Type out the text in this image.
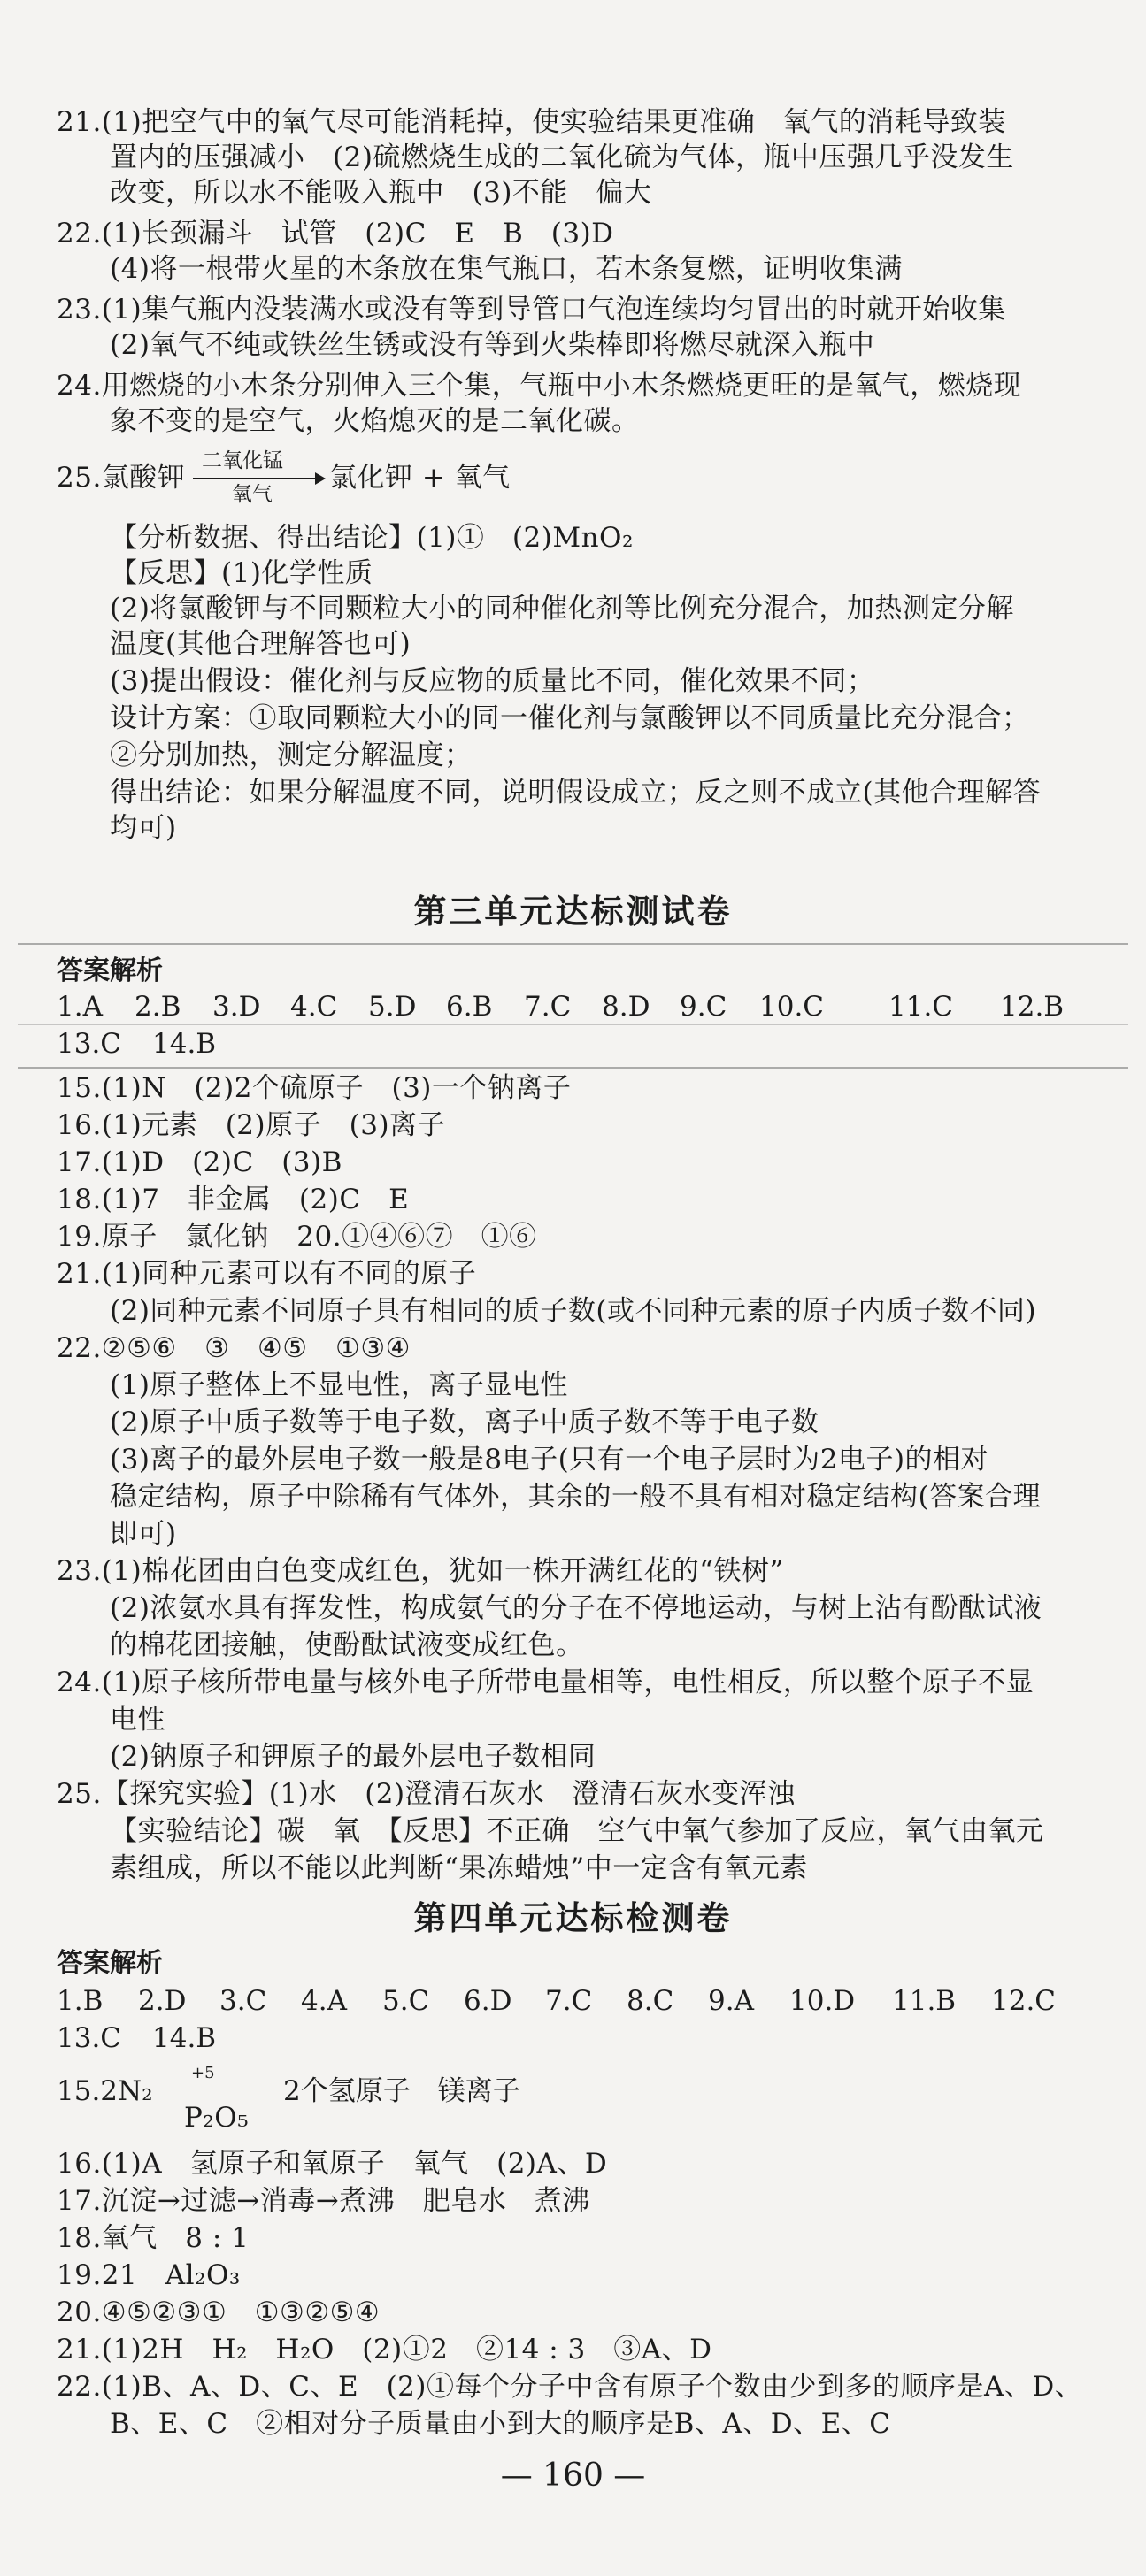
21.(1)把空气中的氧气尽可能消耗掉，使实验结果更准确　氧气的消耗导致装
置内的压强减小　(2)硫燃烧生成的二氧化硫为气体，瓶中压强几乎没发生
改变，所以水不能吸入瓶中　(3)不能　偏大
22.(1)长颈漏斗　试管　(2)C　E　B　(3)D
(4)将一根带火星的木条放在集气瓶口，若木条复燃，证明收集满
23.(1)集气瓶内没装满水或没有等到导管口气泡连续均匀冒出的时就开始收集
(2)氧气不纯或铁丝生锈或没有等到火柴棒即将燃尽就深入瓶中
24.用燃烧的小木条分别伸入三个集，气瓶中小木条燃烧更旺的是氧气，燃烧现
象不变的是空气，火焰熄灭的是二氧化碳。
25.氯酸钾
二氧化锰
氧气
氯化钾 + 氧气
【分析数据、得出结论】(1)①　(2)MnO₂
【反思】(1)化学性质
(2)将氯酸钾与不同颗粒大小的同种催化剂等比例充分混合，加热测定分解
温度(其他合理解答也可)
(3)提出假设：催化剂与反应物的质量比不同，催化效果不同；
设计方案：①取同颗粒大小的同一催化剂与氯酸钾以不同质量比充分混合；
②分别加热，测定分解温度；
得出结论：如果分解温度不同，说明假设成立；反之则不成立(其他合理解答
均可)
第三单元达标测试卷
答案解析
1.A 2.B 3.D 4.C 5.D 6.B 7.C 8.D 9.C 10.C 11.C 12.B
13.C 14.B
15.(1)N　(2)2个硫原子　(3)一个钠离子
16.(1)元素　(2)原子　(3)离子
17.(1)D　(2)C　(3)B
18.(1)7　非金属　(2)C　E
19.原子　氯化钠　20.①④⑥⑦　①⑥
21.(1)同种元素可以有不同的原子
(2)同种元素不同原子具有相同的质子数(或不同种元素的原子内质子数不同)
22.②⑤⑥　③　④⑤　①③④
(1)原子整体上不显电性，离子显电性
(2)原子中质子数等于电子数，离子中质子数不等于电子数
(3)离子的最外层电子数一般是8电子(只有一个电子层时为2电子)的相对
稳定结构，原子中除稀有气体外，其余的一般不具有相对稳定结构(答案合理
即可)
23.(1)棉花团由白色变成红色，犹如一株开满红花的“铁树”
(2)浓氨水具有挥发性，构成氨气的分子在不停地运动，与树上沾有酚酞试液
的棉花团接触，使酚酞试液变成红色。
24.(1)原子核所带电量与核外电子所带电量相等，电性相反，所以整个原子不显
电性
(2)钠原子和钾原子的最外层电子数相同
25.【探究实验】(1)水　(2)澄清石灰水　澄清石灰水变浑浊
【实验结论】碳　氧　【反思】不正确　空气中氧气参加了反应，氧气由氧元
素组成，所以不能以此判断“果冻蜡烛”中一定含有氧元素
第四单元达标检测卷
答案解析
1.B 2.D 3.C 4.A 5.C 6.D 7.C 8.C 9.A 10.D 11.B 12.C
13.C 14.B
+5
15.2N₂	2个氢原子　镁离子
P₂O₅
16.(1)A　氢原子和氧原子　氧气　(2)A、D
17.沉淀→过滤→消毒→煮沸　肥皂水　煮沸
18.氧气　8 : 1
19.21　Al₂O₃
20.④⑤②③①　①③②⑤④
21.(1)2H　H₂　H₂O　(2)①2　②14 : 3　③A、D
22.(1)B、A、D、C、E　(2)①每个分子中含有原子个数由少到多的顺序是A、D、
B、E、C　②相对分子质量由小到大的顺序是B、A、D、E、C
— 160 —
